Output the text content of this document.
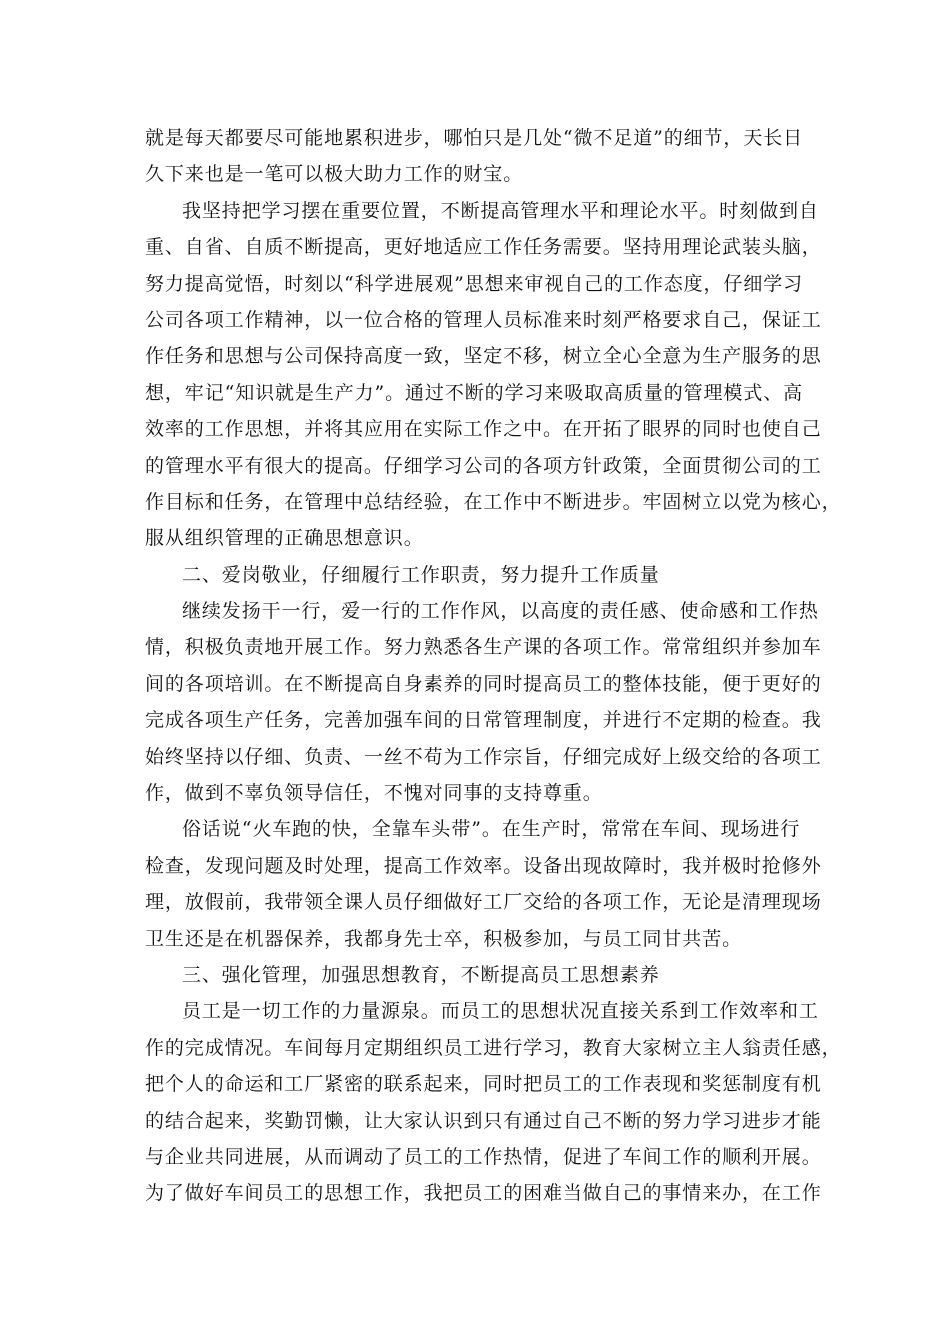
就是每天都要尽可能地累积进步，哪怕只是几处“微不足道”的细节，天长日
久下来也是一笔可以极大助力工作的财宝。
我坚持把学习摆在重要位置，不断提高管理水平和理论水平。时刻做到自
重、自省、自质不断提高，更好地适应工作任务需要。坚持用理论武装头脑，
努力提高觉悟，时刻以“科学进展观”思想来审视自己的工作态度，仔细学习
公司各项工作精神，以一位合格的管理人员标准来时刻严格要求自己，保证工
作任务和思想与公司保持高度一致，坚定不移，树立全心全意为生产服务的思
想，牢记“知识就是生产力”。通过不断的学习来吸取高质量的管理模式、高
效率的工作思想，并将其应用在实际工作之中。在开拓了眼界的同时也使自己
的管理水平有很大的提高。仔细学习公司的各项方针政策，全面贯彻公司的工
作目标和任务，在管理中总结经验，在工作中不断进步。牢固树立以党为核心，
服从组织管理的正确思想意识。
二、爱岗敬业，仔细履行工作职责，努力提升工作质量
继续发扬干一行，爱一行的工作作风，以高度的责任感、使命感和工作热
情，积极负责地开展工作。努力熟悉各生产课的各项工作。常常组织并参加车
间的各项培训。在不断提高自身素养的同时提高员工的整体技能，便于更好的
完成各项生产任务，完善加强车间的日常管理制度，并进行不定期的检查。我
始终坚持以仔细、负责、一丝不苟为工作宗旨，仔细完成好上级交给的各项工
作，做到不辜负领导信任，不愧对同事的支持尊重。
俗话说“火车跑的快，全靠车头带”。在生产时，常常在车间、现场进行
检查，发现问题及时处理，提高工作效率。设备出现故障时，我并极时抢修外
理，放假前，我带领全课人员仔细做好工厂交给的各项工作，无论是清理现场
卫生还是在机器保养，我都身先士卒，积极参加，与员工同甘共苦。
三、强化管理，加强思想教育，不断提高员工思想素养
员工是一切工作的力量源泉。而员工的思想状况直接关系到工作效率和工
作的完成情况。车间每月定期组织员工进行学习，教育大家树立主人翁责任感，
把个人的命运和工厂紧密的联系起来，同时把员工的工作表现和奖惩制度有机
的结合起来，奖勤罚懒，让大家认识到只有通过自己不断的努力学习进步才能
与企业共同进展，从而调动了员工的工作热情，促进了车间工作的顺利开展。
为了做好车间员工的思想工作，我把员工的困难当做自己的事情来办，在工作
